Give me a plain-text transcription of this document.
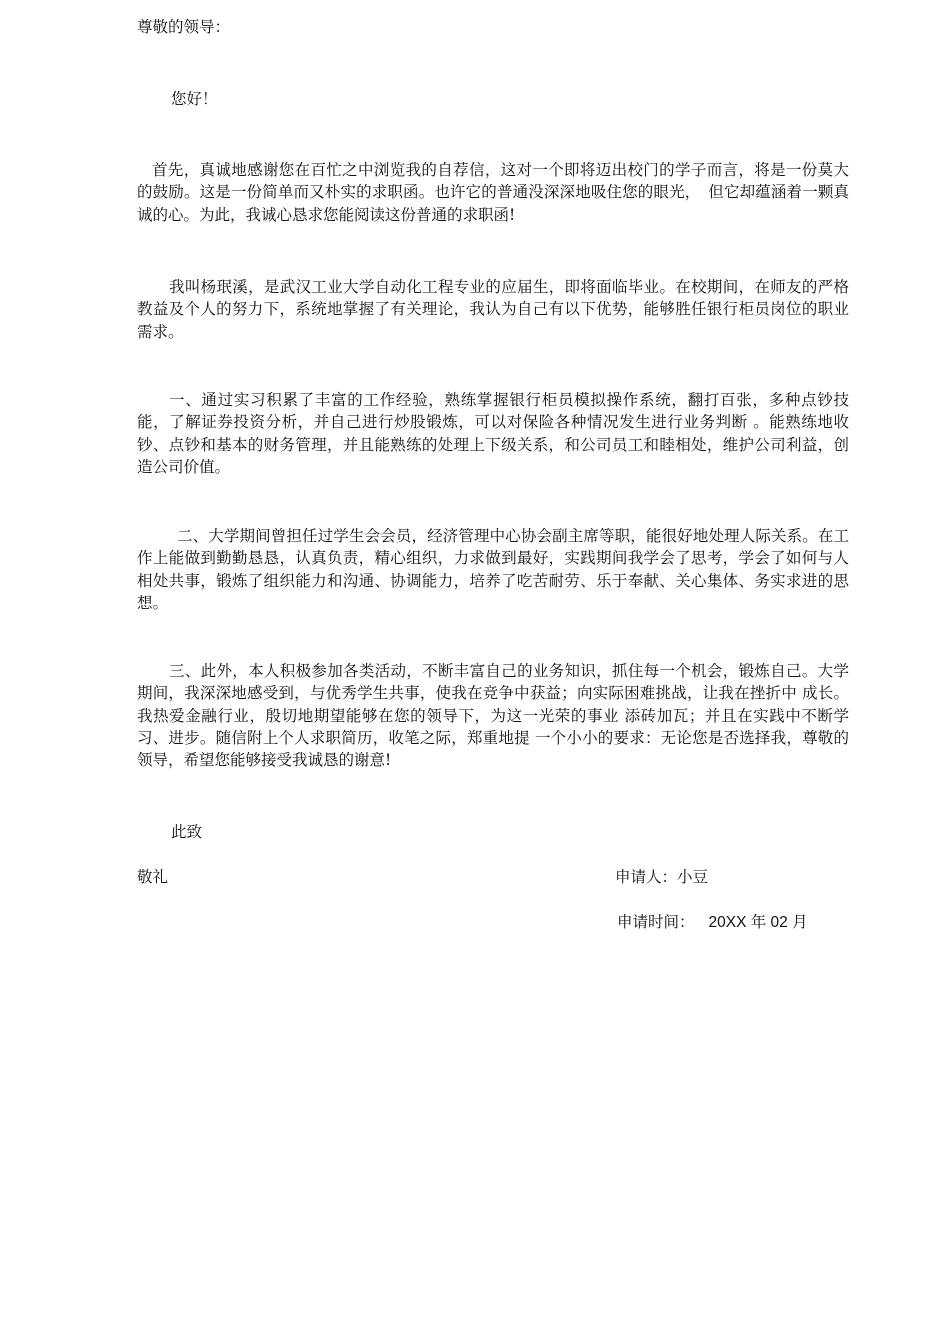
尊敬的领导：
您好！
首先，真诚地感谢您在百忙之中浏览我的自荐信，这对一个即将迈出校门的学子而言，将是一份莫大的鼓励。这是一份简单而又朴实的求职函。也许它的普通没深深地吸住您的眼光，　但它却蕴涵着一颗真诚的心。为此，我诚心恳求您能阅读这份普通的求职函!
我叫杨珉溪，是武汉工业大学自动化工程专业的应届生，即将面临毕业。在校期间，在师友的严格 教益及个人的努力下，系统地掌握了有关理论，我认为自己有以下优势，能够胜任银行柜员岗位的职业需求。
一、通过实习积累了丰富的工作经验，熟练掌握银行柜员模拟操作系统，翻打百张，多种点钞技能，了解证券投资分析，并自己进行炒股锻炼，可以对保险各种情况发生进行业务判断 。能熟练地收钞、点钞和基本的财务管理，并且能熟练的处理上下级关系，和公司员工和睦相处，维护公司利益，创造公司价值。
二、大学期间曾担任过学生会会员，经济管理中心协会副主席等职，能很好地处理人际关系。在工作上能做到勤勤恳恳，认真负责，精心组织，力求做到最好，实践期间我学会了思考，学会了如何与人相处共事，锻炼了组织能力和沟通、协调能力，培养了吃苦耐劳、乐于奉献、关心集体、务实求进的思想。
三、此外，本人积极参加各类活动，不断丰富自己的业务知识，抓住每一个机会，锻炼自己。大学期间，我深深地感受到，与优秀学生共事，使我在竞争中获益；向实际困难挑战，让我在挫折中 成长。我热爱金融行业，殷切地期望能够在您的领导下，为这一光荣的事业 添砖加瓦；并且在实践中不断学习、进步。随信附上个人求职简历，收笔之际，郑重地提 一个小小的要求：无论您是否选择我，尊敬的领导，希望您能够接受我诚恳的谢意!
此致
敬礼	申请人：小豆
申请时间： 20XX 年 02 月
